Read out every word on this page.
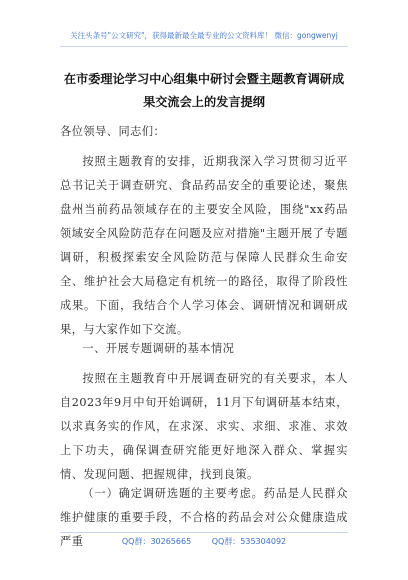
关注头条号"公文研究"，获得最新最全最专业的公文资料库！ 微信：gongwenyj
在市委理论学习中心组集中研讨会暨主题教育调研成果交流会上的发言提纲
各位领导、同志们：
按照主题教育的安排，近期我深入学习贯彻习近平总书记关于调查研究、食品药品安全的重要论述，聚焦盘州当前药品领域存在的主要安全风险，围绕"xx药品领域安全风险防范存在问题及应对措施"主题开展了专题调研，积极探索安全风险防范与保障人民群众生命安全、维护社会大局稳定有机统一的路径，取得了阶段性成果。下面，我结合个人学习体会、调研情况和调研成果，与大家作如下交流。
一、开展专题调研的基本情况
按照在主题教育中开展调查研究的有关要求，本人自2023年9月中旬开始调研，11月下旬调研基本结束，以求真务实的作风，在求深、求实、求细、求准、求效上下功夫，确保调查研究能更好地深入群众、掌握实情、发现问题、把握规律，找到良策。
（一）确定调研选题的主要考虑。药品是人民群众维护健康的重要手段，不合格的药品会对公众健康造成严重	QQ群：30265665	QQ群：535304092
